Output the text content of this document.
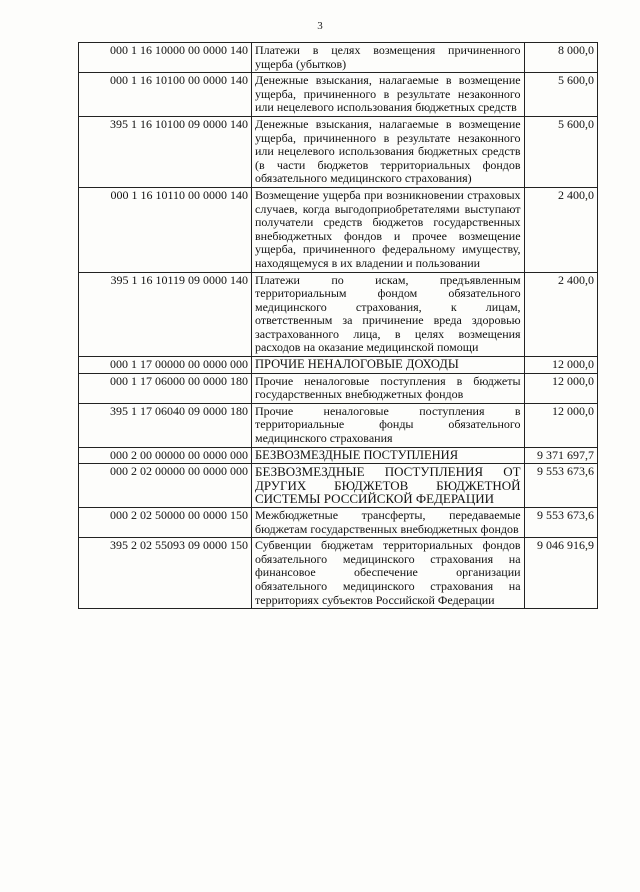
3
000 1 16 10000 00 0000 140	Платежи в целях возмещения причиненного ущерба (убытков)	8 000,0
000 1 16 10100 00 0000 140	Денежные взыскания, налагаемые в возмещение ущерба, причиненного в результате незаконного или нецелевого использования бюджетных средств	5 600,0
395 1 16 10100 09 0000 140	Денежные взыскания, налагаемые в возмещение ущерба, причиненного в результате незаконного или нецелевого использования бюджетных средств (в части бюджетов территориальных фондов обязательного медицинского страхования)	5 600,0
000 1 16 10110 00 0000 140	Возмещение ущерба при возникновении страховых случаев, когда выгодоприобретателями выступают получатели средств бюджетов государственных внебюджетных фондов и прочее возмещение ущерба, причиненного федеральному имуществу, находящемуся в их владении и пользовании	2 400,0
395 1 16 10119 09 0000 140	Платежи по искам, предъявленным территориальным фондом обязательного медицинского страхования, к лицам, ответственным за причинение вреда здоровью застрахованного лица, в целях возмещения расходов на оказание медицинской помощи	2 400,0
000 1 17 00000 00 0000 000	ПРОЧИЕ НЕНАЛОГОВЫЕ ДОХОДЫ	12 000,0
000 1 17 06000 00 0000 180	Прочие неналоговые поступления в бюджеты государственных внебюджетных фондов	12 000,0
395 1 17 06040 09 0000 180	Прочие неналоговые поступления в территориальные фонды обязательного медицинского страхования	12 000,0
000 2 00 00000 00 0000 000	БЕЗВОЗМЕЗДНЫЕ ПОСТУПЛЕНИЯ	9 371 697,7
000 2 02 00000 00 0000 000	БЕЗВОЗМЕЗДНЫЕ ПОСТУПЛЕНИЯ ОТ ДРУГИХ БЮДЖЕТОВ БЮДЖЕТНОЙ СИСТЕМЫ РОССИЙСКОЙ ФЕДЕРАЦИИ	9 553 673,6
000 2 02 50000 00 0000 150	Межбюджетные трансферты, передаваемые бюджетам государственных внебюджетных фондов	9 553 673,6
395 2 02 55093 09 0000 150	Субвенции бюджетам территориальных фондов обязательного медицинского страхования на финансовое обеспечение организации обязательного медицинского страхования на территориях субъектов Российской Федерации	9 046 916,9
